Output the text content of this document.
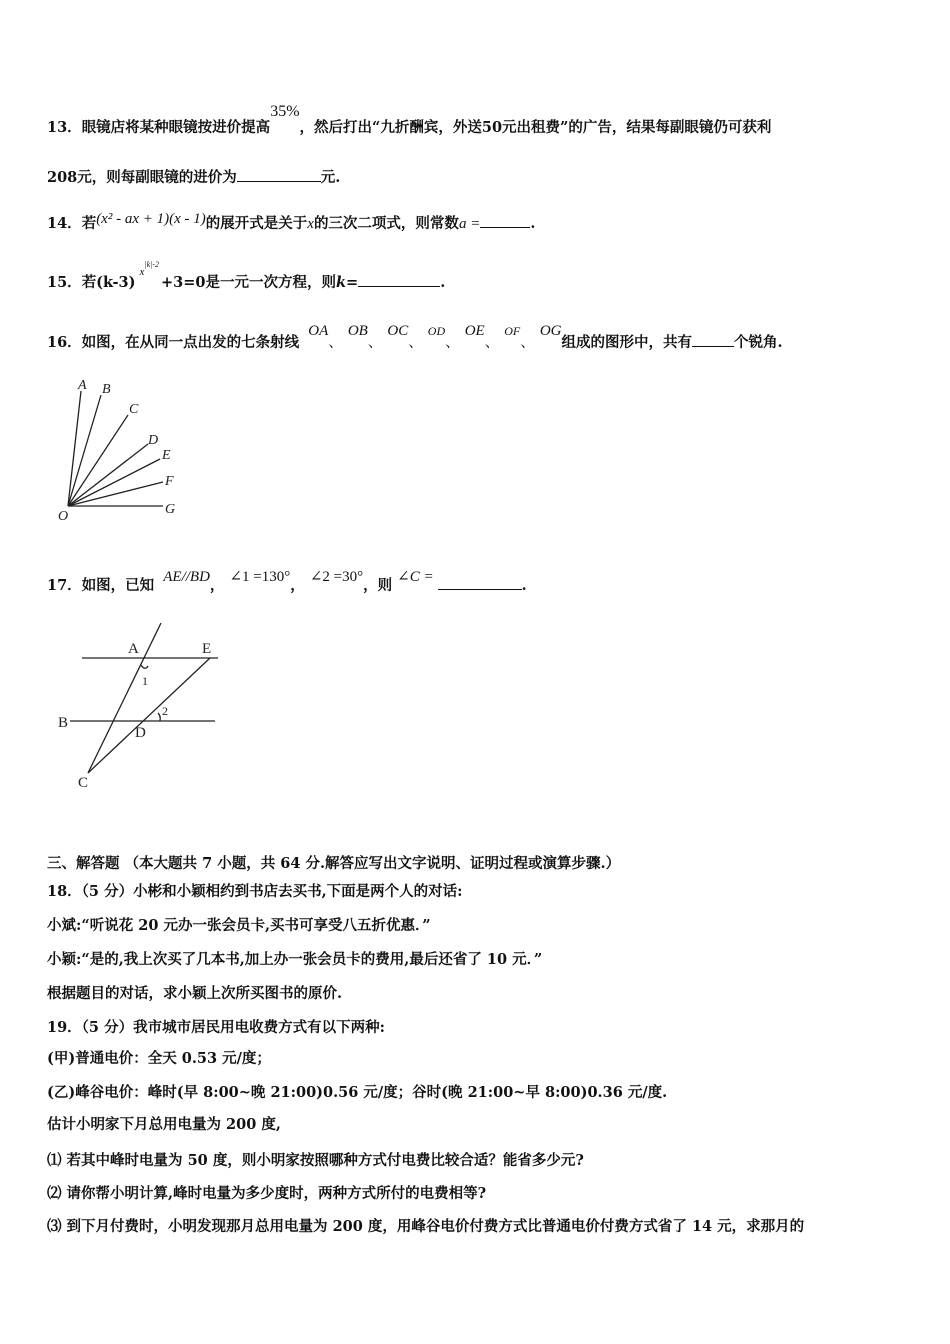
13．眼镜店将某种眼镜按进价提高35%，然后打出“九折酬宾，外送50元出租费”的广告，结果每副眼镜仍可获利
208元，则每副眼镜的进价为	元.
14．若(x² - ax + 1)(x - 1)的展开式是关于x的三次二项式，则常数a =	.
15．若$(k-3)^{x|k|-2}+3=0$是一元一次方程，则k=	.
16．如图，在从同一点出发的七条射线 OA、 OB、 OC、 $^{OD}$、 OE、 $^{OF}$、 OG组成的图形中，共有	个锐角.
A B
C
D
E
F
G
O
17．如图，已知 AE//BD， ∠1 =130°， ∠2 =30°，则 ∠C =	.
A	E
1
2
B
D
C
三、解答题 （本大题共 7 小题，共 64 分.解答应写出文字说明、证明过程或演算步骤.）
18．（5 分）小彬和小颖相约到书店去买书,下面是两个人的对话:
小斌:“听说花 20 元办一张会员卡,买书可享受八五折优惠．”
小颖:“是的,我上次买了几本书,加上办一张会员卡的费用,最后还省了 10 元．”
根据题目的对话，求小颖上次所买图书的原价.
19．（5 分）我市城市居民用电收费方式有以下两种:
(甲)普通电价：全天 0.53 元/度；
(乙)峰谷电价：峰时(早 8:00~晚 21:00)0.56 元/度；谷时(晚 21:00~早 8:00)0.36 元/度.
估计小明家下月总用电量为 200 度,
⑴ 若其中峰时电量为 50 度，则小明家按照哪种方式付电费比较合适？能省多少元?
⑵ 请你帮小明计算,峰时电量为多少度时，两种方式所付的电费相等?
⑶ 到下月付费时，小明发现那月总用电量为 200 度，用峰谷电价付费方式比普通电价付费方式省了 14 元，求那月的
